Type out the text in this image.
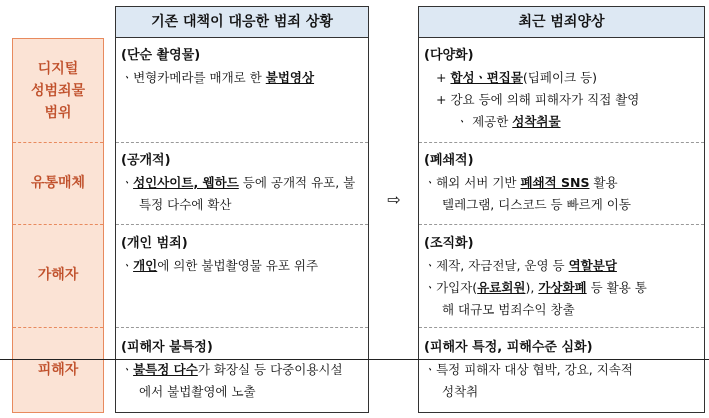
기존 대책이 대응한 범죄 상황	최근 범죄양상
디지털
성범죄물
범위
유통매체
가해자
피해자
(단순 촬영물)
ㆍ변형카메라를 매개로 한 불법영상
(다양화)
+ 합성ㆍ편집물(딥페이크 등)
+ 강요 등에 의해 피해자가 직접 촬영
ㆍ 제공한 성착취물
(공개적)
ㆍ성인사이트, 웹하드 등에 공개적 유포, 불
특정 다수에 확산
(폐쇄적)
ㆍ해외 서버 기반 폐쇄적 SNS 활용
텔레그램, 디스코드 등 빠르게 이동
⇨
(개인 범죄)
ㆍ개인에 의한 불법촬영물 유포 위주
(조직화)
ㆍ제작, 자금전달, 운영 등 역할분담
ㆍ가입자(유료회원), 가상화폐 등 활용 통
해 대규모 범죄수익 창출
(피해자 불특정)
ㆍ불특정 다수가 화장실 등 다중이용시설
에서 불법촬영에 노출
(피해자 특정, 피해수준 심화)
ㆍ특정 피해자 대상 협박, 강요, 지속적
성착취
